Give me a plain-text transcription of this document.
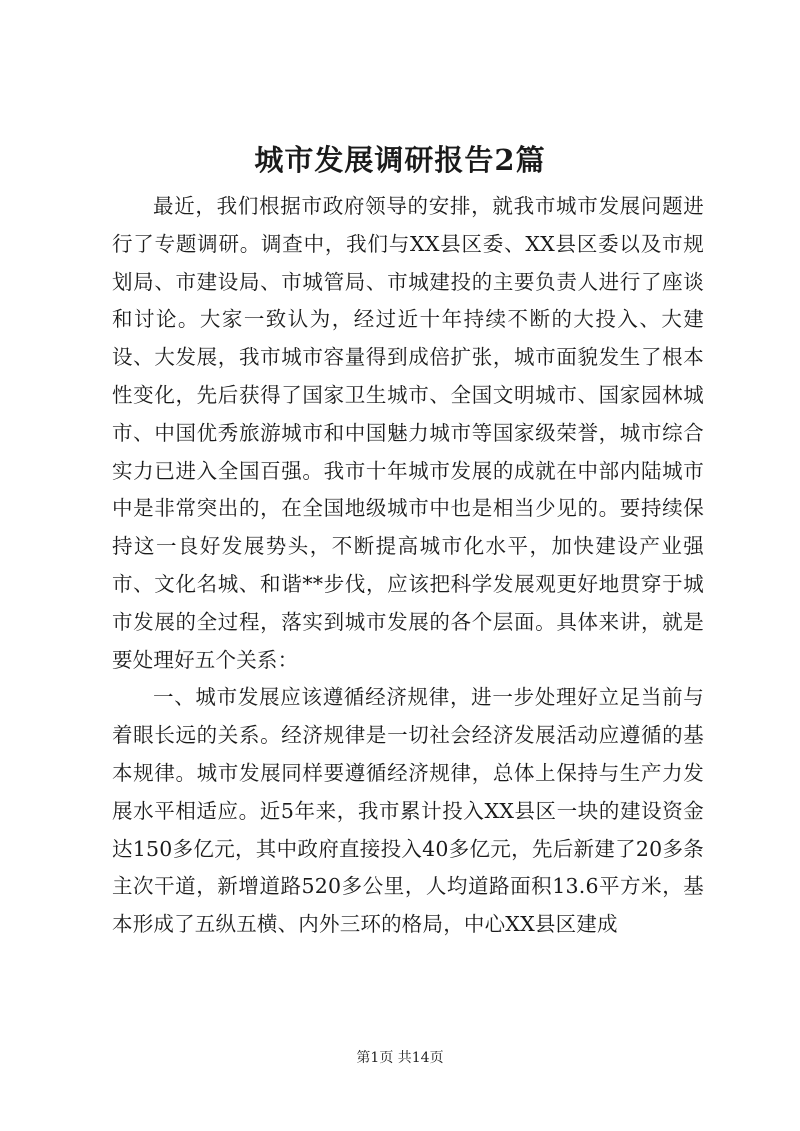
城市发展调研报告2篇

最近，我们根据市政府领导的安排，就我市城市发展问题进行了专题调研。调查中，我们与XX县区委、XX县区委以及市规划局、市建设局、市城管局、市城建投的主要负责人进行了座谈和讨论。大家一致认为，经过近十年持续不断的大投入、大建设、大发展，我市城市容量得到成倍扩张，城市面貌发生了根本性变化，先后获得了国家卫生城市、全国文明城市、国家园林城市、中国优秀旅游城市和中国魅力城市等国家级荣誉，城市综合实力已进入全国百强。我市十年城市发展的成就在中部内陆城市中是非常突出的，在全国地级城市中也是相当少见的。要持续保持这一良好发展势头，不断提高城市化水平，加快建设产业强市、文化名城、和谐**步伐，应该把科学发展观更好地贯穿于城市发展的全过程，落实到城市发展的各个层面。具体来讲，就是要处理好五个关系：

一、城市发展应该遵循经济规律，进一步处理好立足当前与着眼长远的关系。经济规律是一切社会经济发展活动应遵循的基本规律。城市发展同样要遵循经济规律，总体上保持与生产力发展水平相适应。近5年来，我市累计投入XX县区一块的建设资金达150多亿元，其中政府直接投入40多亿元，先后新建了20多条主次干道，新增道路520多公里，人均道路面积13.6平方米，基本形成了五纵五横、内外三环的格局，中心XX县区建成

第1页 共14页
